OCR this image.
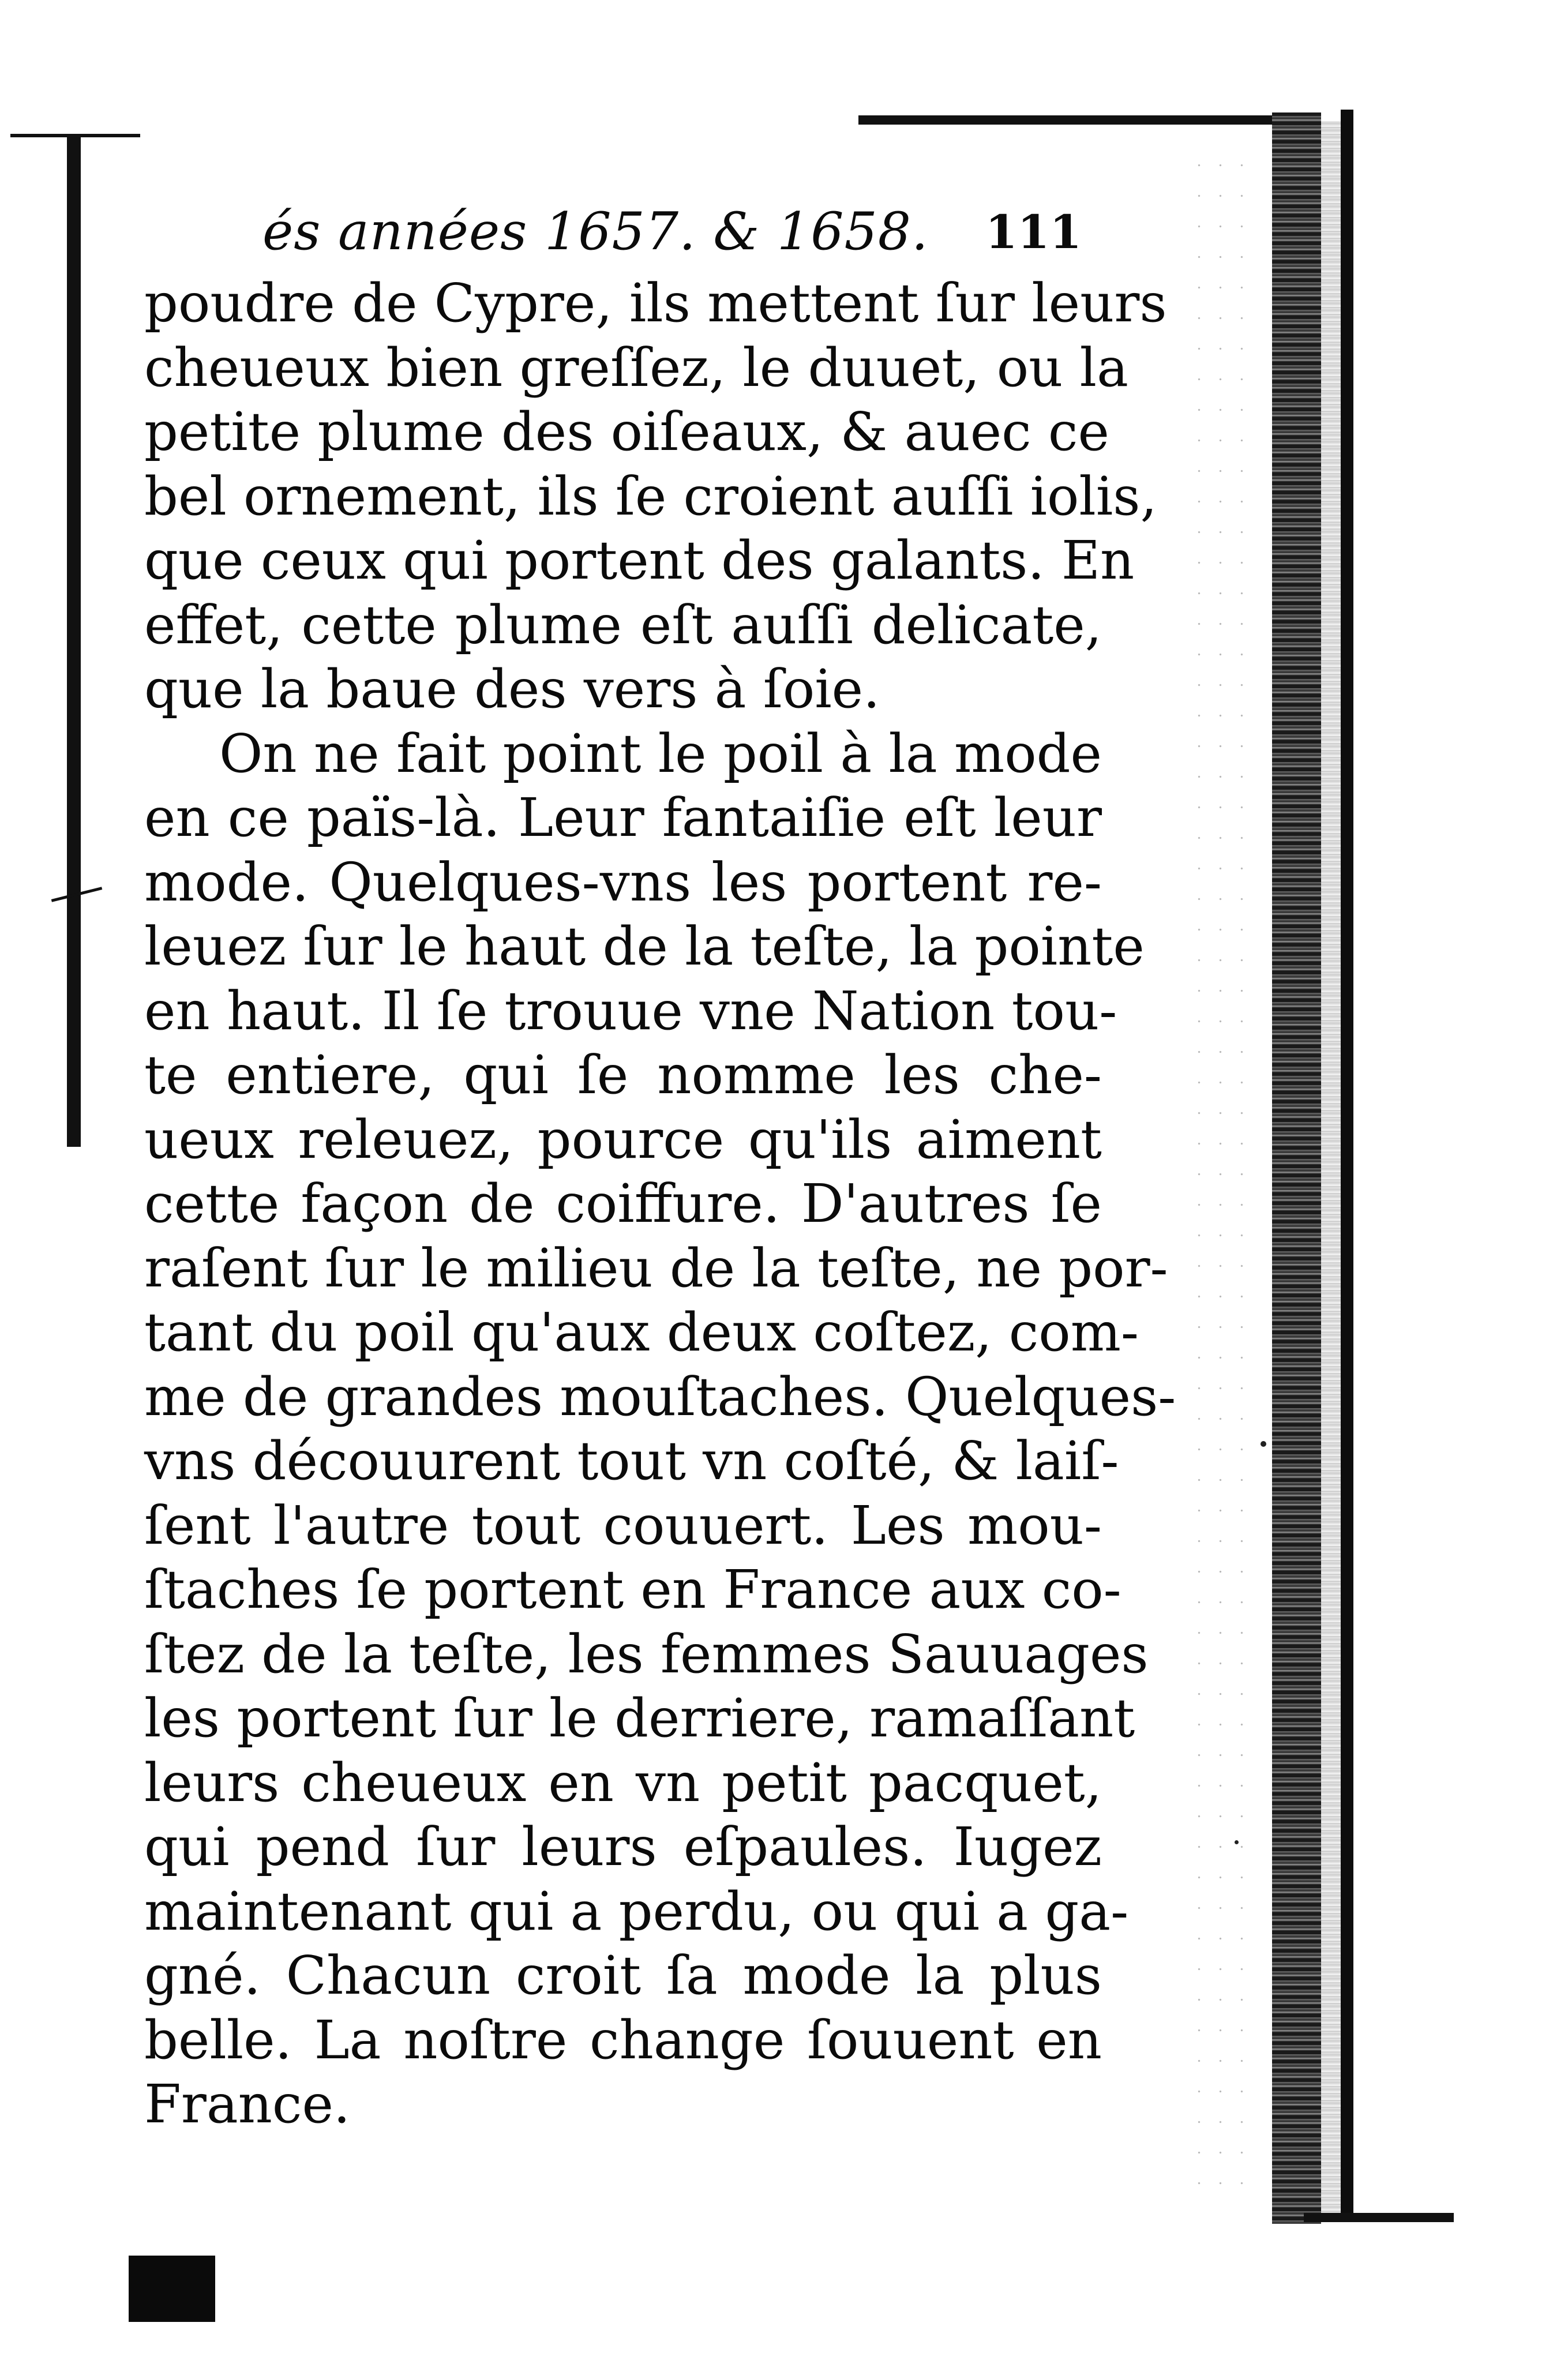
és années 1657. & 1658. 111
poudre de Cypre, ils mettent ſur leurs
cheueux bien greſſez, le duuet, ou la
petite plume des oiſeaux, & auec ce
bel ornement, ils ſe croient auſſi iolis,
que ceux qui portent des galants. En
effet, cette plume eſt auſſi delicate,
que la baue des vers à ſoie.
On ne fait point le poil à la mode
en ce païs-là. Leur fantaiſie eſt leur
mode. Quelques-vns les portent re-
leuez ſur le haut de la teſte, la pointe
en haut. Il ſe trouue vne Nation tou-
te entiere, qui ſe nomme les che-
ueux releuez, pource qu'ils aiment
cette façon de coiffure. D'autres ſe
raſent ſur le milieu de la teſte, ne por-
tant du poil qu'aux deux coſtez, com-
me de grandes mouſtaches. Quelques-
vns découurent tout vn coſté, & laiſ-
ſent l'autre tout couuert. Les mou-
ſtaches ſe portent en France aux co-
ſtez de la teſte, les femmes Sauuages
les portent ſur le derriere, ramaſſant
leurs cheueux en vn petit pacquet,
qui pend ſur leurs eſpaules. Iugez
maintenant qui a perdu, ou qui a ga-
gné. Chacun croit ſa mode la plus
belle. La noſtre change ſouuent en
France.
